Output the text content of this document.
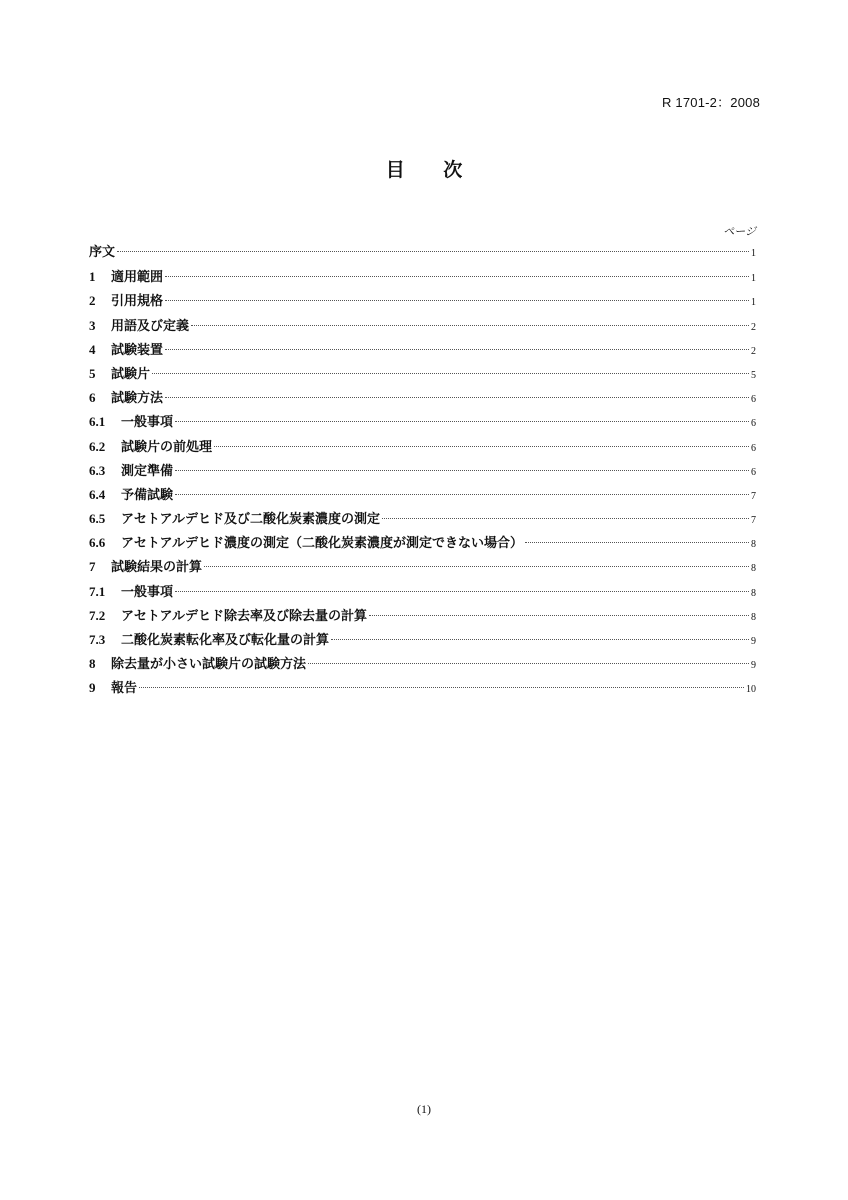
R 1701-2：2008
目 次
ページ
序文	1
1	適用範囲	1
2	引用規格	1
3	用語及び定義	2
4	試験装置	2
5	試験片	5
6	試験方法	6
6.1	一般事項	6
6.2	試験片の前処理	6
6.3	測定準備	6
6.4	予備試験	7
6.5	アセトアルデヒド及び二酸化炭素濃度の測定	7
6.6	アセトアルデヒド濃度の測定（二酸化炭素濃度が測定できない場合）	8
7	試験結果の計算	8
7.1	一般事項	8
7.2	アセトアルデヒド除去率及び除去量の計算	8
7.3	二酸化炭素転化率及び転化量の計算	9
8	除去量が小さい試験片の試験方法	9
9	報告	10
(1)
